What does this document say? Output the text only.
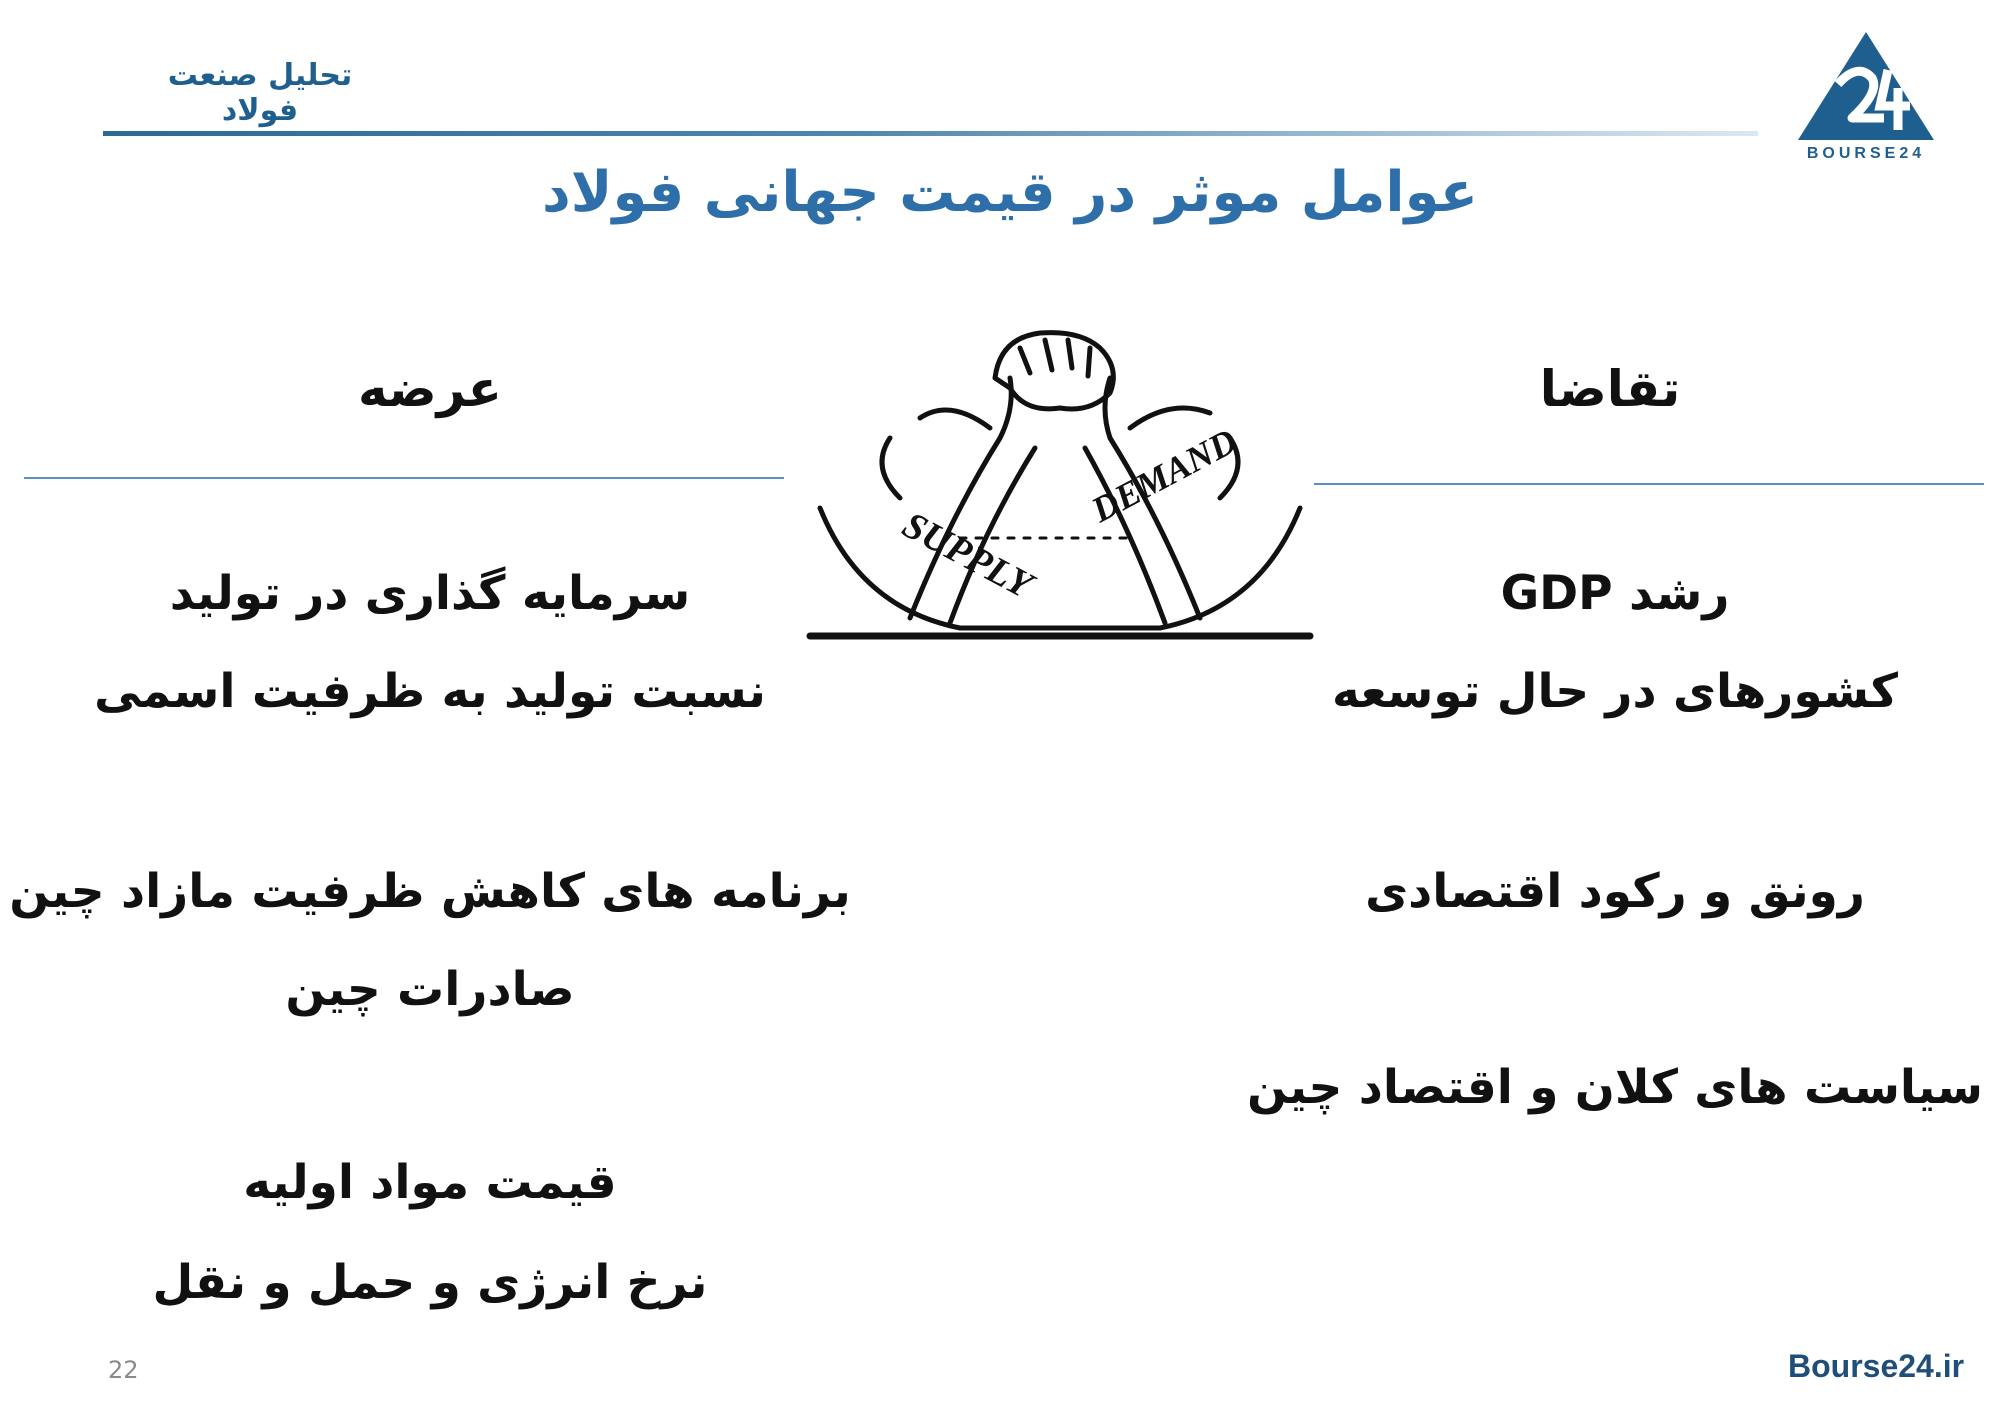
تحلیل صنعت فولاد
BOURSE24
عوامل موثر در قیمت جهانی فولاد
عرضه	تقاضا
SUPPLY
DEMAND
سرمایه گذاری در تولید
نسبت تولید به ظرفیت اسمی
برنامه های کاهش ظرفیت مازاد چین
صادرات چین
قیمت مواد اولیه
نرخ انرژی و حمل و نقل
رشد GDP
کشورهای در حال توسعه
رونق و رکود اقتصادی
سیاست های کلان و اقتصاد چین
22	Bourse24.ir
